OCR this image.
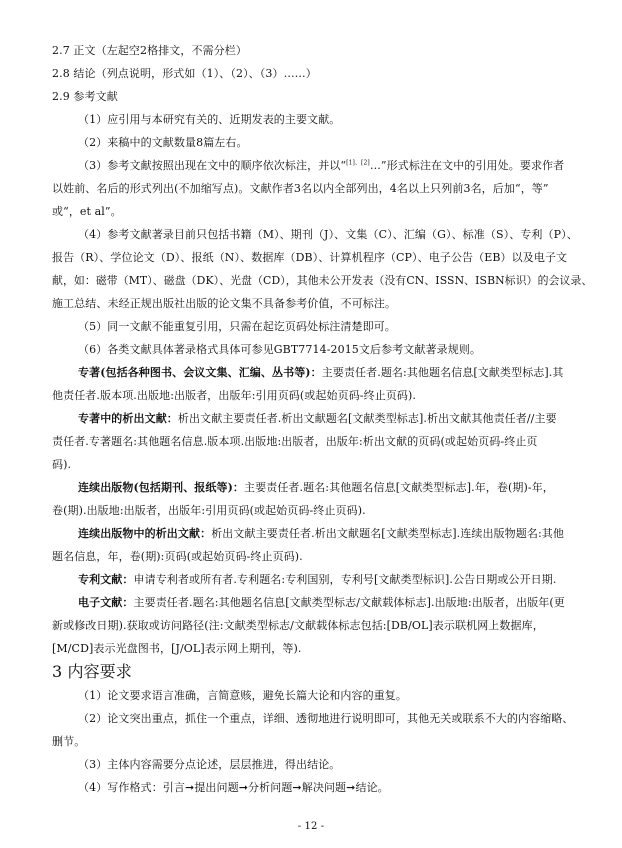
2.7 正文（左起空2格排文，不需分栏）

2.8 结论（列点说明，形式如（1）、（2）、（3）……）

2.9 参考文献

（1）应引用与本研究有关的、近期发表的主要文献。

（2）来稿中的文献数量8篇左右。

（3）参考文献按照出现在文中的顺序依次标注，并以“[1]、[2]…”形式标注在文中的引用处。要求作者

以姓前、名后的形式列出(不加缩写点)。文献作者3名以内全部列出，4名以上只列前3名，后加“，等”

或“，et al”。

（4）参考文献著录目前只包括书籍（M）、期刊（J）、文集（C）、汇编（G）、标准（S）、专利（P）、

报告（R）、学位论文（D）、报纸（N）、数据库（DB）、计算机程序（CP）、电子公告（EB）以及电子文

献，如：磁带（MT）、磁盘（DK）、光盘（CD），其他未公开发表（没有CN、ISSN、ISBN标识）的会议录、

施工总结、未经正规出版社出版的论文集不具备参考价值，不可标注。

（5）同一文献不能重复引用，只需在起讫页码处标注清楚即可。

（6）各类文献具体著录格式具体可参见GBT7714-2015文后参考文献著录规则。

专著(包括各种图书、会议文集、汇编、丛书等)：主要责任者.题名:其他题名信息[文献类型标志].其

他责任者.版本项.出版地:出版者，出版年:引用页码(或起始页码-终止页码).

专著中的析出文献：析出文献主要责任者.析出文献题名[文献类型标志].析出文献其他责任者//主要

责任者.专著题名:其他题名信息.版本项.出版地:出版者，出版年:析出文献的页码(或起始页码-终止页

码).

连续出版物(包括期刊、报纸等)：主要责任者.题名:其他题名信息[文献类型标志].年，卷(期)-年，

卷(期).出版地:出版者，出版年:引用页码(或起始页码-终止页码).

连续出版物中的析出文献：析出文献主要责任者.析出文献题名[文献类型标志].连续出版物题名:其他

题名信息，年，卷(期):页码(或起始页码-终止页码).

专利文献：申请专利者或所有者.专利题名:专利国别，专利号[文献类型标识].公告日期或公开日期.

电子文献：主要责任者.题名:其他题名信息[文献类型标志/文献载体标志].出版地:出版者，出版年(更

新或修改日期).获取或访问路径(注:文献类型标志/文献载体标志包括:[DB/OL]表示联机网上数据库，

[M/CD]表示光盘图书，[J/OL]表示网上期刊，等).

3 内容要求

（1）论文要求语言准确，言简意赅，避免长篇大论和内容的重复。

（2）论文突出重点，抓住一个重点，详细、透彻地进行说明即可，其他无关或联系不大的内容缩略、

删节。

（3）主体内容需要分点论述，层层推进，得出结论。

（4）写作格式：引言➞提出问题➞分析问题➞解决问题➞结论。

- 12 -
